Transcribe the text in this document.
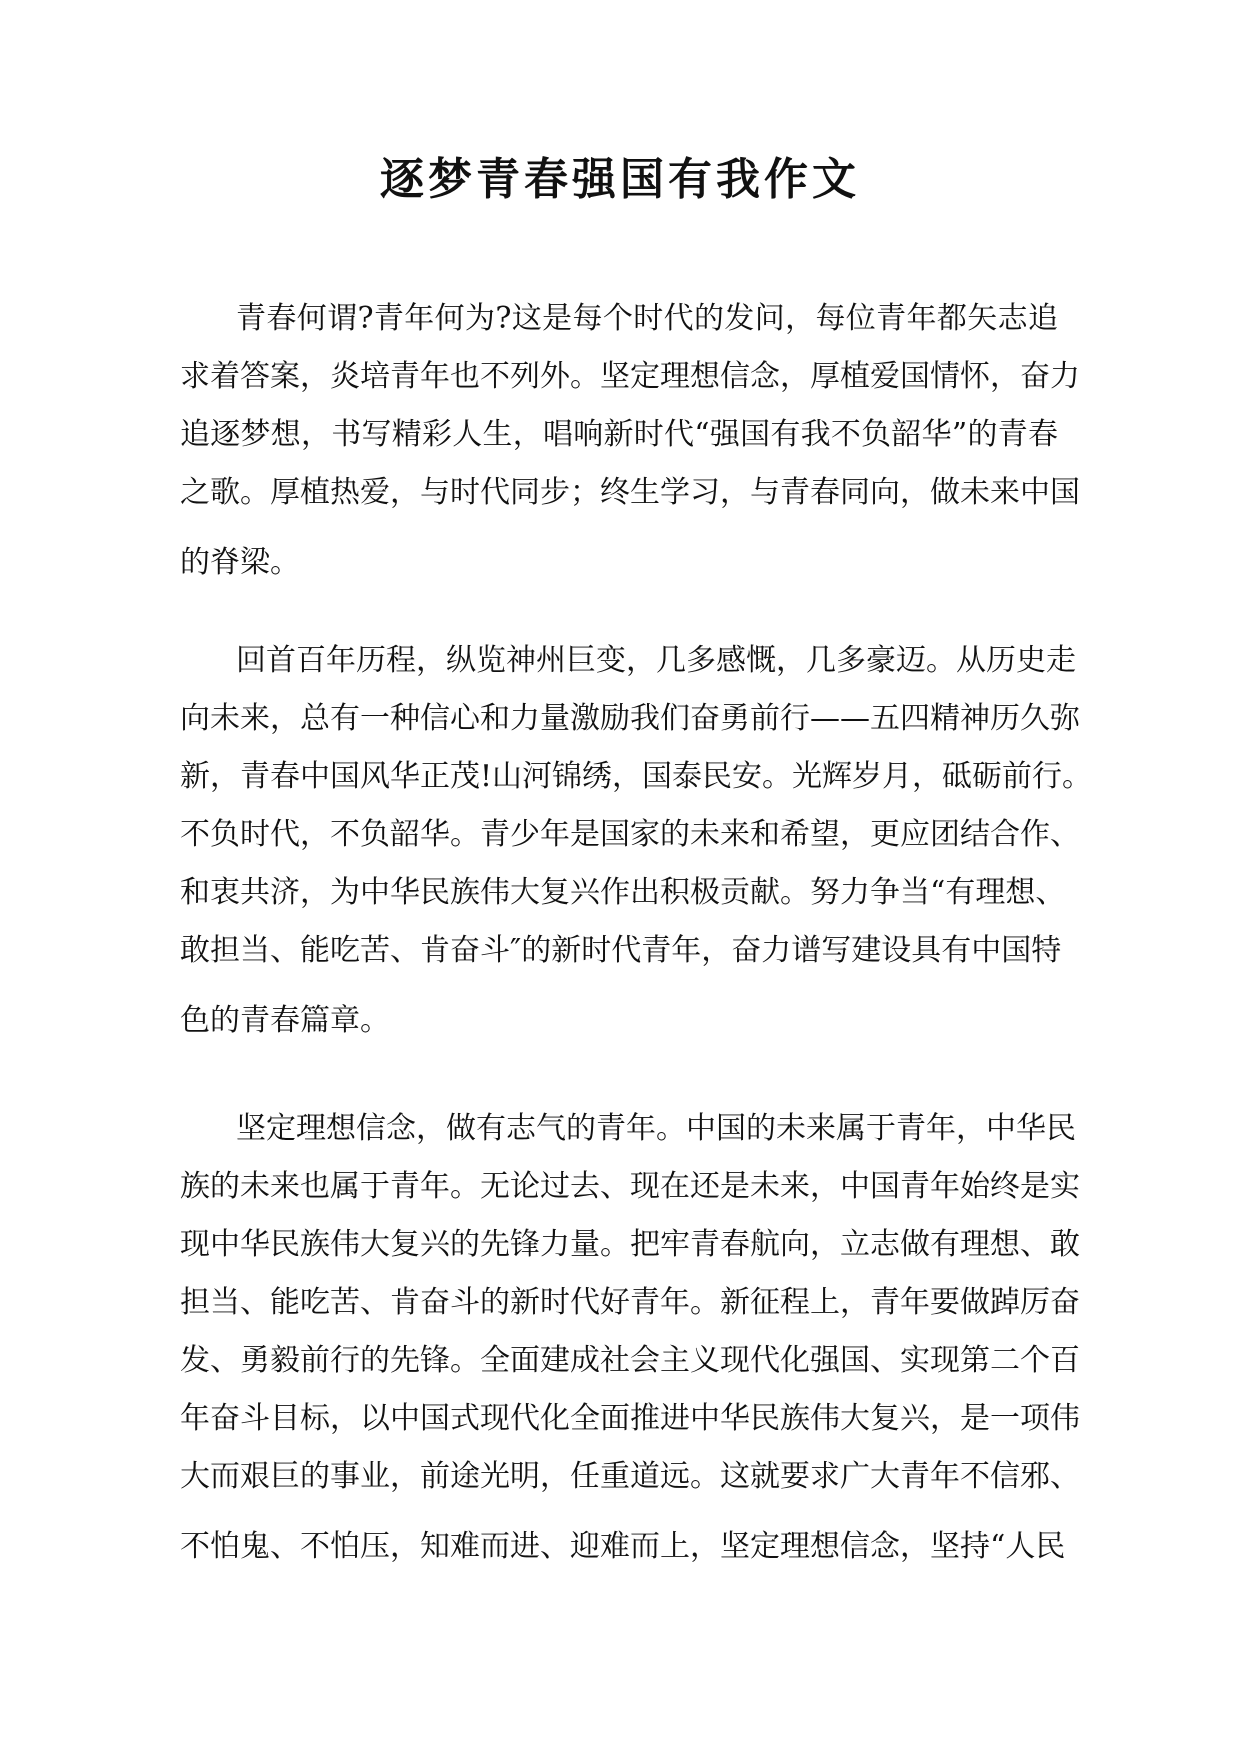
逐梦青春强国有我作文
青春何谓?青年何为?这是每个时代的发问，每位青年都矢志追
求着答案，炎培青年也不列外。坚定理想信念，厚植爱国情怀，奋力
追逐梦想，书写精彩人生，唱响新时代“强国有我不负韶华”的青春
之歌。厚植热爱，与时代同步；终生学习，与青春同向，做未来中国
的脊梁。
回首百年历程，纵览神州巨变，几多感慨，几多豪迈。从历史走
向未来，总有一种信心和力量激励我们奋勇前行——五四精神历久弥
新，青春中国风华正茂!山河锦绣，国泰民安。光辉岁月，砥砺前行。
不负时代，不负韶华。青少年是国家的未来和希望，更应团结合作、
和衷共济，为中华民族伟大复兴作出积极贡献。努力争当“有理想、
敢担当、能吃苦、肯奋斗″的新时代青年，奋力谱写建设具有中国特
色的青春篇章。
坚定理想信念，做有志气的青年。中国的未来属于青年，中华民
族的未来也属于青年。无论过去、现在还是未来，中国青年始终是实
现中华民族伟大复兴的先锋力量。把牢青春航向，立志做有理想、敢
担当、能吃苦、肯奋斗的新时代好青年。新征程上，青年要做踔厉奋
发、勇毅前行的先锋。全面建成社会主义现代化强国、实现第二个百
年奋斗目标，以中国式现代化全面推进中华民族伟大复兴，是一项伟
大而艰巨的事业，前途光明，任重道远。这就要求广大青年不信邪、
不怕鬼、不怕压，知难而进、迎难而上，坚定理想信念，坚持“人民
